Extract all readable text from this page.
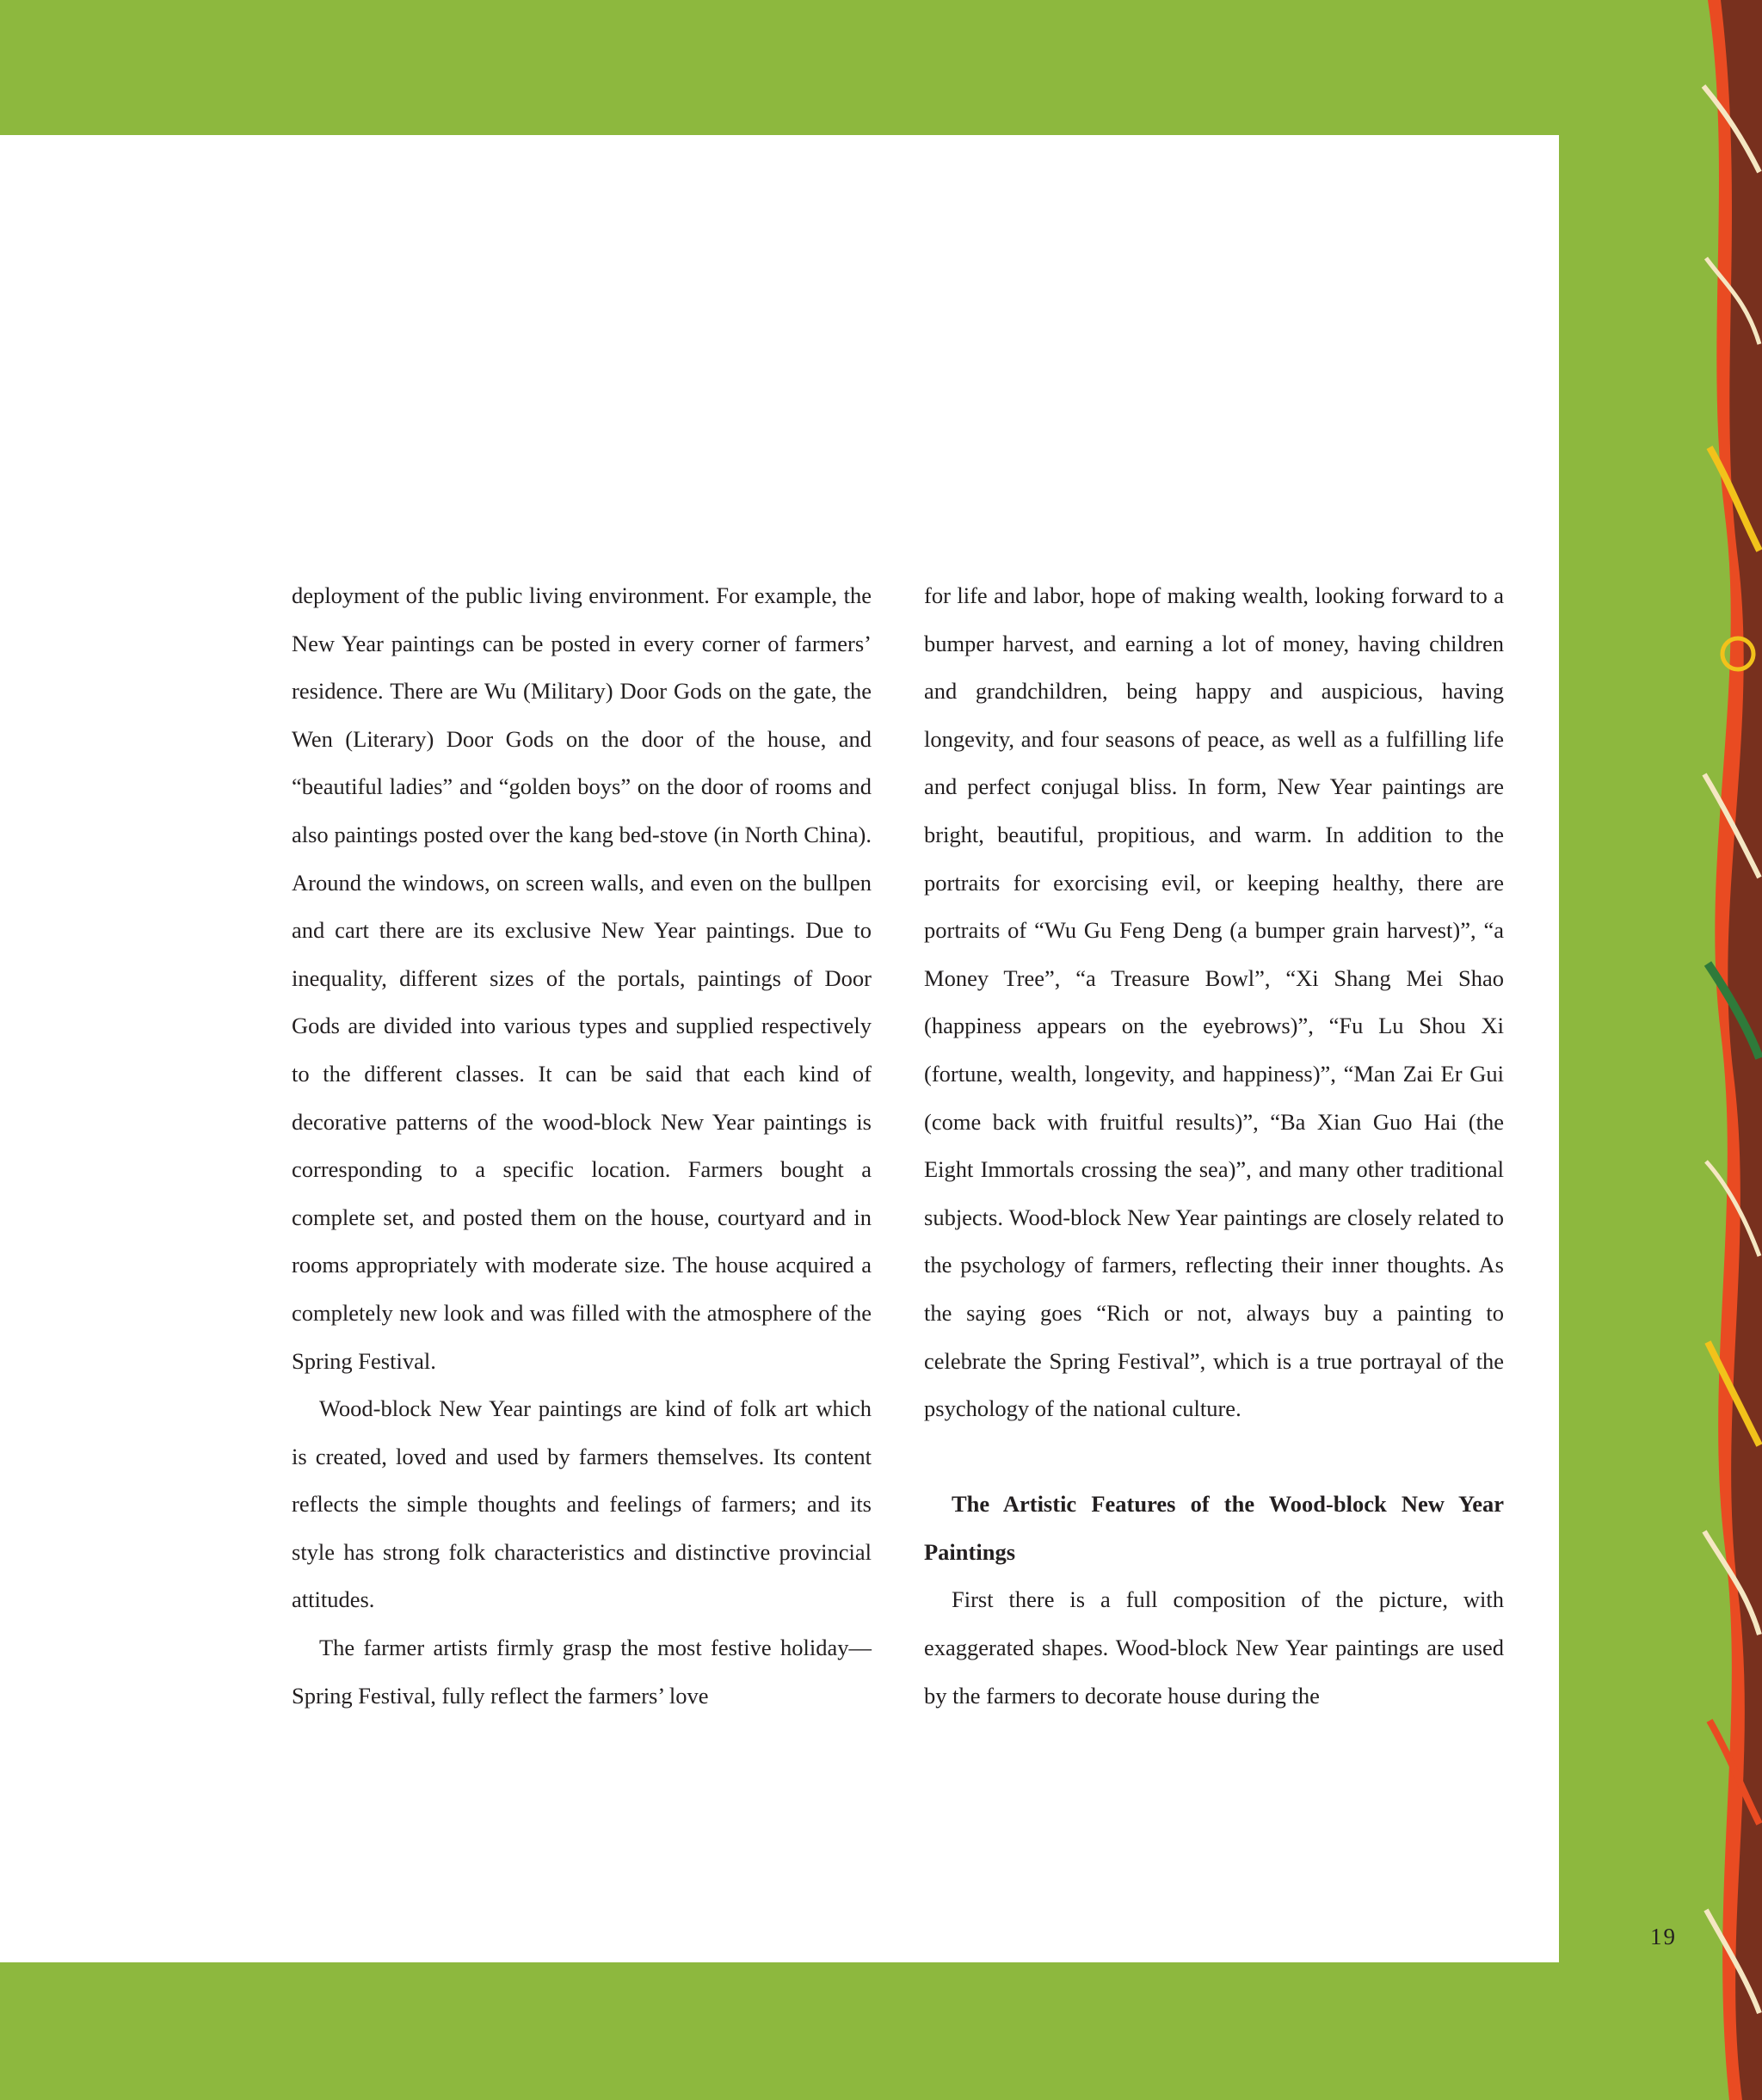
deployment of the public living environment. For example, the New Year paintings can be posted in every corner of farmers’ residence. There are Wu (Military) Door Gods on the gate, the Wen (Literary) Door Gods on the door of the house, and “beautiful ladies” and “golden boys” on the door of rooms and also paintings posted over the kang bed-stove (in North China). Around the windows, on screen walls, and even on the bullpen and cart there are its exclusive New Year paintings. Due to inequality, different sizes of the portals, paintings of Door Gods are divided into various types and supplied respectively to the different classes. It can be said that each kind of decorative patterns of the wood-block New Year paintings is corresponding to a specific location. Farmers bought a complete set, and posted them on the house, courtyard and in rooms appropriately with moderate size. The house acquired a completely new look and was filled with the atmosphere of the Spring Festival.

Wood-block New Year paintings are kind of folk art which is created, loved and used by farmers themselves. Its content reflects the simple thoughts and feelings of farmers; and its style has strong folk characteristics and distinctive provincial attitudes.

The farmer artists firmly grasp the most festive holiday—Spring Festival, fully reflect the farmers’ love

for life and labor, hope of making wealth, looking forward to a bumper harvest, and earning a lot of money, having children and grandchildren, being happy and auspicious, having longevity, and four seasons of peace, as well as a fulfilling life and perfect conjugal bliss. In form, New Year paintings are bright, beautiful, propitious, and warm. In addition to the portraits for exorcising evil, or keeping healthy, there are portraits of “Wu Gu Feng Deng (a bumper grain harvest)”, “a Money Tree”, “a Treasure Bowl”, “Xi Shang Mei Shao (happiness appears on the eyebrows)”, “Fu Lu Shou Xi (fortune, wealth, longevity, and happiness)”, “Man Zai Er Gui (come back with fruitful results)”, “Ba Xian Guo Hai (the Eight Immortals crossing the sea)”, and many other traditional subjects. Wood-block New Year paintings are closely related to the psychology of farmers, reflecting their inner thoughts. As the saying goes “Rich or not, always buy a painting to celebrate the Spring Festival”, which is a true portrayal of the psychology of the national culture.

The Artistic Features of the Wood-block New Year Paintings

First there is a full composition of the picture, with exaggerated shapes. Wood-block New Year paintings are used by the farmers to decorate house during the

19
